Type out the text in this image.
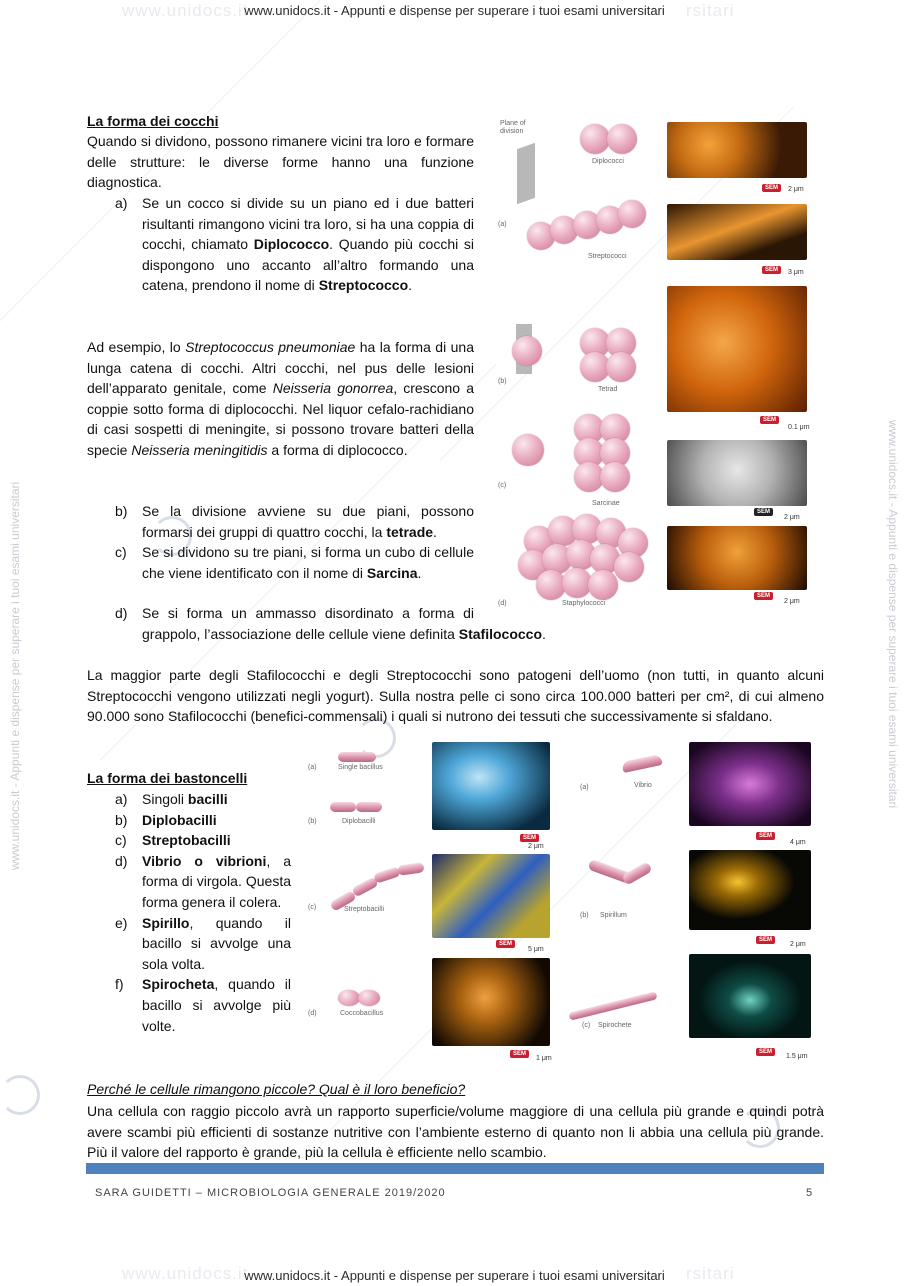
www.unidocs.it	rsitari
www.unidocs.it	rsitari
www.unidocs.it - Appunti e dispense per superare i tuoi esami universitari
www.unidocs.it - Appunti e dispense per superare i tuoi esami universitari
www.unidocs.it - Appunti e dispense per superare i tuoi esami universitari	www.unidocs.it - Appunti e dispense per superare i tuoi esami universitari
La forma dei cocchi
Quando si dividono, possono rimanere vicini tra loro e formare delle strutture: le diverse forme hanno una funzione diagnostica.
a) Se un cocco si divide su un piano ed i due batteri risultanti rimangono vicini tra loro, si ha una coppia di cocchi, chiamato Diplococco. Quando più cocchi si dispongono uno accanto all’altro formando una catena, prendono il nome di Streptococco.
Ad esempio, lo Streptococcus pneumoniae ha la forma di una lunga catena di cocchi. Altri cocchi, nel pus delle lesioni dell’apparato genitale, come Neisseria gonorrea, crescono a coppie sotto forma di diplococchi. Nel liquor cefalo-rachidiano di casi sospetti di meningite, si possono trovare batteri della specie Neisseria meningitidis a forma di diplococco.
b) Se la divisione avviene su due piani, possono formarsi dei gruppi di quattro cocchi, la tetrade.
c) Se si dividono su tre piani, si forma un cubo di cellule che viene identificato con il nome di Sarcina.
d) Se si forma un ammasso disordinato a forma di
grappolo, l’associazione delle cellule viene definita Stafilococco.
Plane of division
Diplococci
(a)
Streptococci
(b)
Tetrad
(c)
Sarcinae
(d)	Staphylococci
SEM	2 μm
SEM	3 μm
SEM
0.1 μm
SEM
2 μm
SEM
2 μm
La maggior parte degli Stafilococchi e degli Streptococchi sono patogeni dell’uomo (non tutti, in quanto alcuni Streptococchi vengono utilizzati negli yogurt). Sulla nostra pelle ci sono circa 100.000 batteri per cm², di cui almeno 90.000 sono Stafilococchi (benefici-commensali) i quali si nutrono dei tessuti che successivamente si sfaldano.
La forma dei bastoncelli
a) Singoli bacilli
b) Diplobacilli
c) Streptobacilli
d) Vibrio o vibrioni, a forma di virgola. Questa forma genera il colera.
e) Spirillo, quando il bacillo si avvolge una sola volta.
f) Spirocheta, quando il bacillo si avvolge più volte.
(a)	Single bacillus
(b)	Diplobacilli
(c)	Streptobacilli
(d)	Coccobacillus
SEM
2 μm
SEM
5 μm
SEM
1 μm
(a)	Vibrio
(b) Spirillum
(c) Spirochete
SEM
4 μm
SEM
2 μm
SEM
1.5 μm
Perché le cellule rimangono piccole? Qual è il loro beneficio?
Una cellula con raggio piccolo avrà un rapporto superficie/volume maggiore di una cellula più grande e quindi potrà avere scambi più efficienti di sostanze nutritive con l’ambiente esterno di quanto non li abbia una cellula più grande. Più il valore del rapporto è grande, più la cellula è efficiente nello scambio.
SARA GUIDETTI – MICROBIOLOGIA GENERALE 2019/2020	5
